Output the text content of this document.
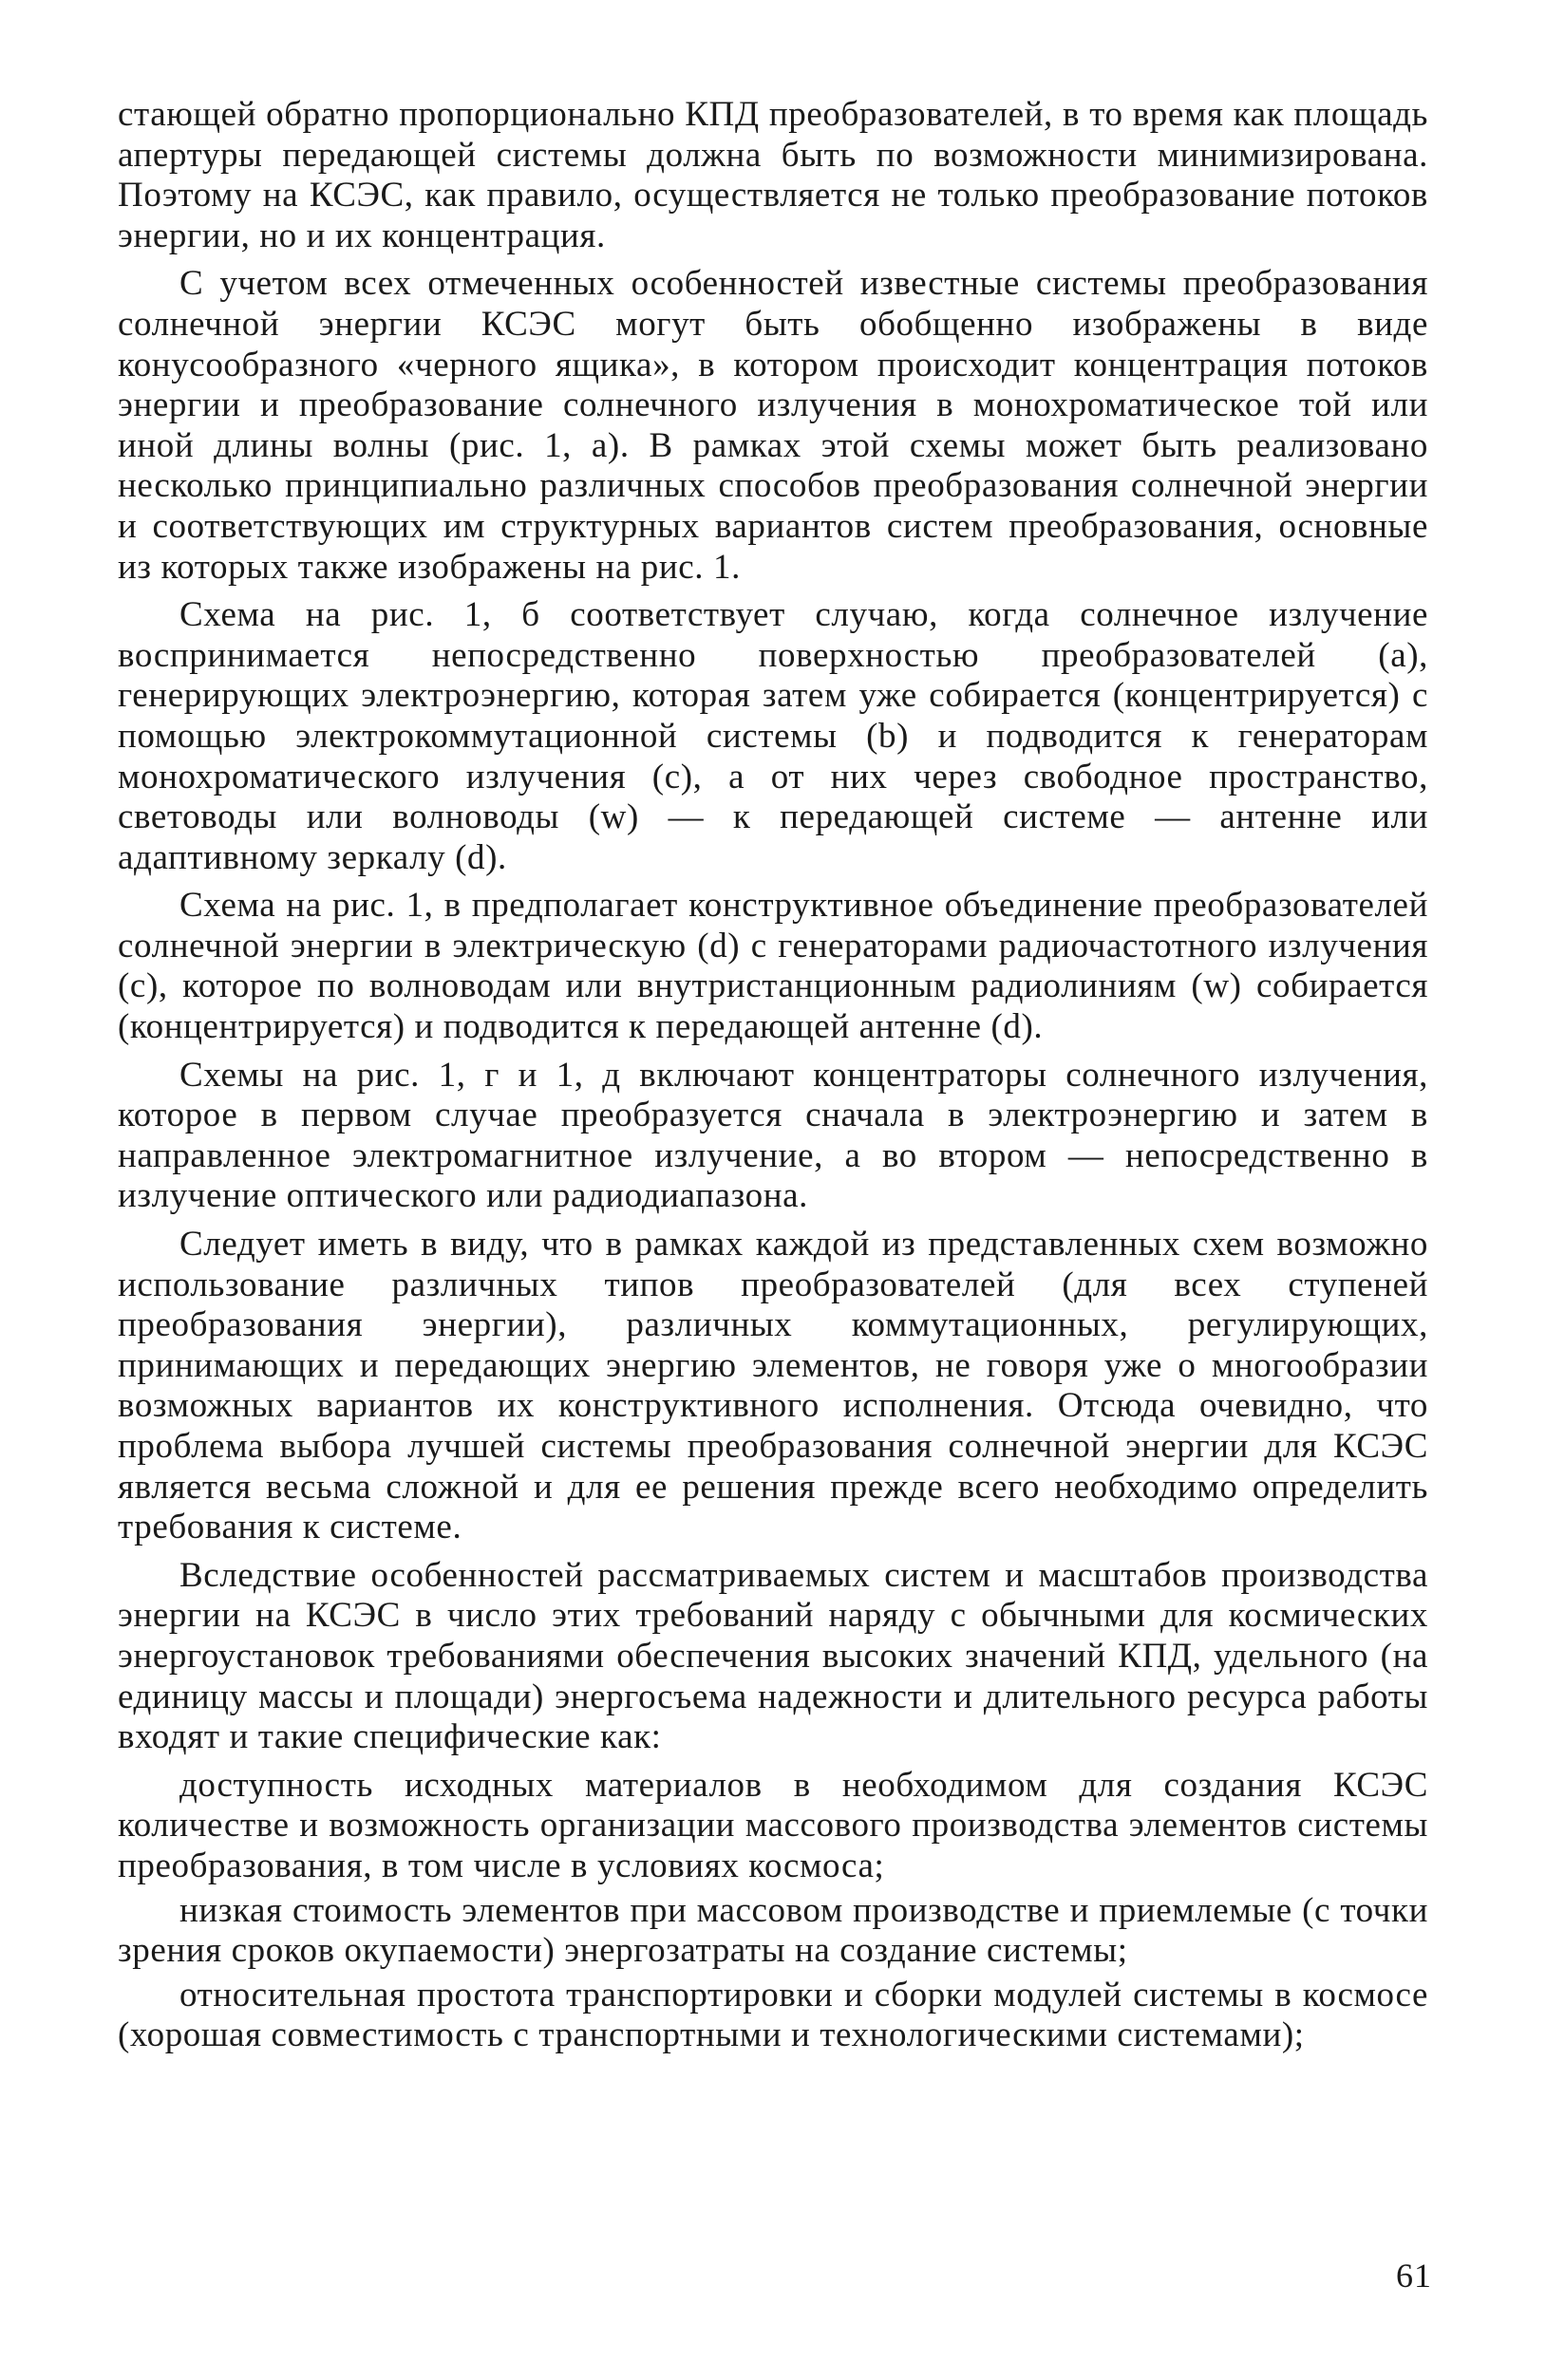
стающей обратно пропорционально КПД преобразователей, в то время как площадь апертуры передающей системы должна быть по возможности минимизирована. Поэтому на КСЭС, как правило, осуществляется не только преобразование потоков энергии, но и их концентрация.

С учетом всех отмеченных особенностей известные системы преобразования солнечной энергии КСЭС могут быть обобщенно изображены в виде конусообразного «черного ящика», в котором происходит концентрация потоков энергии и преобразование солнечного излучения в монохроматическое той или иной длины волны (рис. 1, а). В рамках этой схемы может быть реализовано несколько принципиально различных способов преобразования солнечной энергии и соответствующих им структурных вариантов систем преобразования, основные из которых также изображены на рис. 1.

Схема на рис. 1, б соответствует случаю, когда солнечное излучение воспринимается непосредственно поверхностью преобразователей (а), генерирующих электроэнергию, которая затем уже собирается (концентрируется) с помощью электрокоммутационной системы (b) и подводится к генераторам монохроматического излучения (с), а от них через свободное пространство, световоды или волноводы (w) — к передающей системе — антенне или адаптивному зеркалу (d).

Схема на рис. 1, в предполагает конструктивное объединение преобразователей солнечной энергии в электрическую (d) с генераторами радиочастотного излучения (c), которое по волноводам или внутристанционным радиолиниям (w) собирается (концентрируется) и подводится к передающей антенне (d).

Схемы на рис. 1, г и 1, д включают концентраторы солнечного излучения, которое в первом случае преобразуется сначала в электроэнергию и затем в направленное электромагнитное излучение, а во втором — непосредственно в излучение оптического или радиодиапазона.

Следует иметь в виду, что в рамках каждой из представленных схем возможно использование различных типов преобразователей (для всех ступеней преобразования энергии), различных коммутационных, регулирующих, принимающих и передающих энергию элементов, не говоря уже о многообразии возможных вариантов их конструктивного исполнения. Отсюда очевидно, что проблема выбора лучшей системы преобразования солнечной энергии для КСЭС является весьма сложной и для ее решения прежде всего необходимо определить требования к системе.

Вследствие особенностей рассматриваемых систем и масштабов производства энергии на КСЭС в число этих требований наряду с обычными для космических энергоустановок требованиями обеспечения высоких значений КПД, удельного (на единицу массы и площади) энергосъема надежности и длительного ресурса работы входят и такие специфические как:

доступность исходных материалов в необходимом для создания КСЭС количестве и возможность организации массового производства элементов системы преобразования, в том числе в условиях космоса;

низкая стоимость элементов при массовом производстве и приемлемые (с точки зрения сроков окупаемости) энергозатраты на создание системы;

относительная простота транспортировки и сборки модулей системы в космосе (хорошая совместимость с транспортными и технологическими системами);

61
